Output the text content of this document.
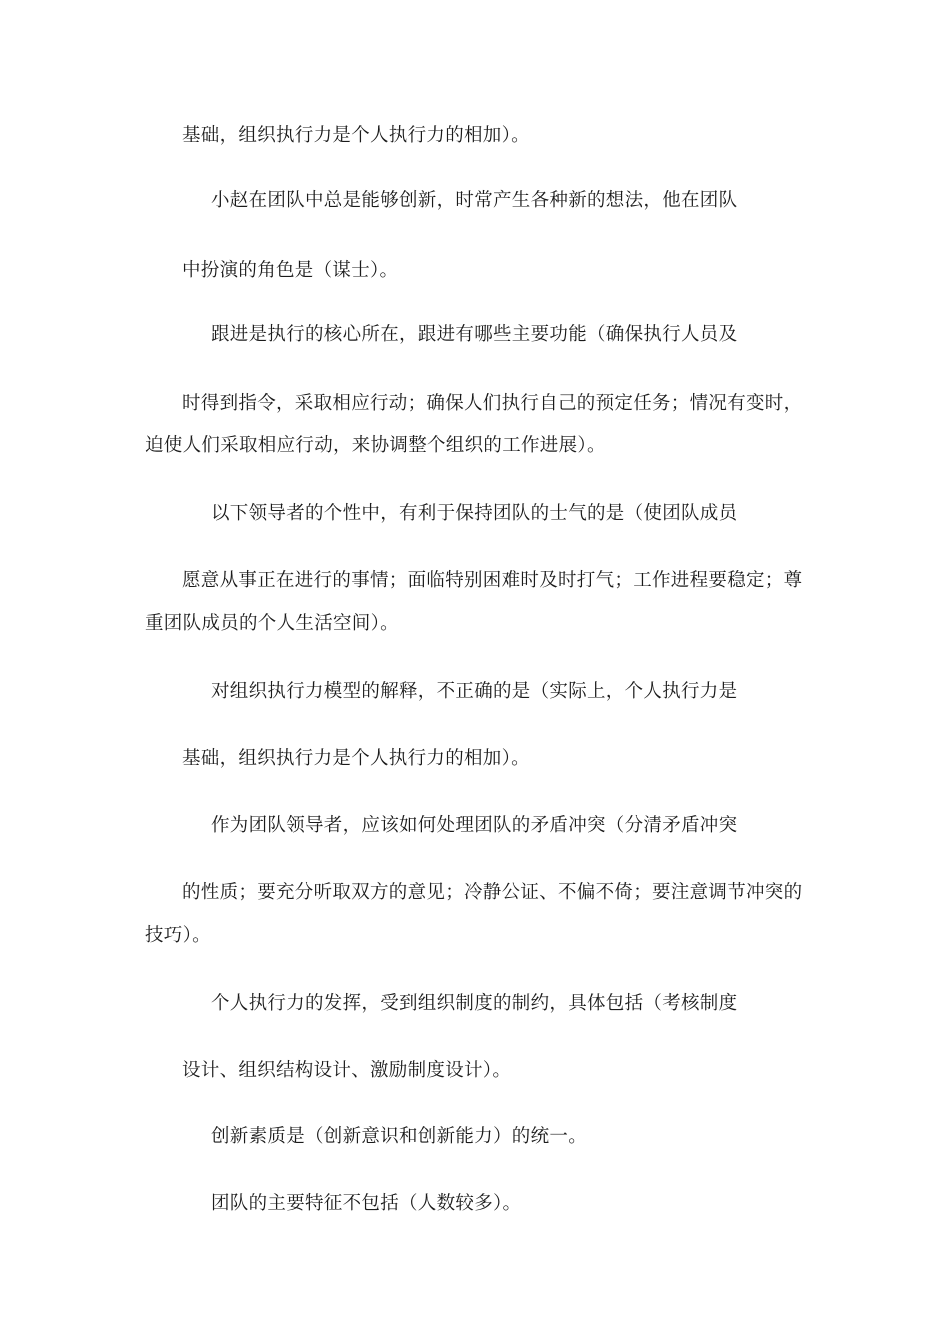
基础，组织执行力是个人执行力的相加）。
小赵在团队中总是能够创新，时常产生各种新的想法，他在团队
中扮演的角色是（谋士）。
跟进是执行的核心所在，跟进有哪些主要功能（确保执行人员及
时得到指令，采取相应行动；确保人们执行自己的预定任务；情况有变时，
迫使人们采取相应行动，来协调整个组织的工作进展）。
以下领导者的个性中，有利于保持团队的士气的是（使团队成员
愿意从事正在进行的事情；面临特别困难时及时打气；工作进程要稳定；尊
重团队成员的个人生活空间）。
对组织执行力模型的解释，不正确的是（实际上，个人执行力是
基础，组织执行力是个人执行力的相加）。
作为团队领导者，应该如何处理团队的矛盾冲突（分清矛盾冲突
的性质；要充分听取双方的意见；冷静公证、不偏不倚；要注意调节冲突的
技巧）。
个人执行力的发挥，受到组织制度的制约，具体包括（考核制度
设计、组织结构设计、激励制度设计）。
创新素质是（创新意识和创新能力）的统一。
团队的主要特征不包括（人数较多）。
